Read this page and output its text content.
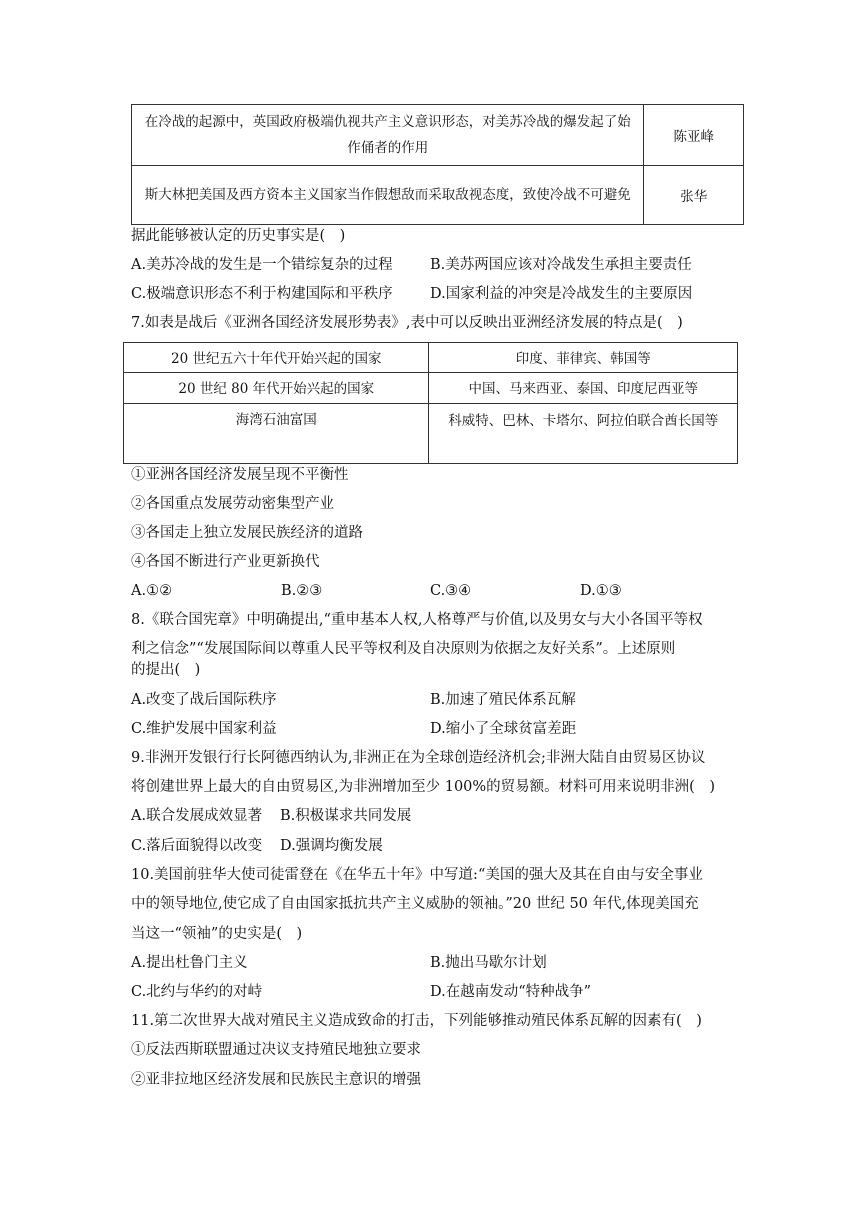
在冷战的起源中，英国政府极端仇视共产主义意识形态，对美苏冷战的爆发起了始作俑者的作用	陈亚峰

斯大林把美国及西方资本主义国家当作假想敌而采取敌视态度，致使冷战不可避免	张华
据此能够被认定的历史事实是(　)
A.美苏冷战的发生是一个错综复杂的过程	B.美苏两国应该对冷战发生承担主要责任
C.极端意识形态不利于构建国际和平秩序	D.国家利益的冲突是冷战发生的主要原因
7.如表是战后《亚洲各国经济发展形势表》,表中可以反映出亚洲经济发展的特点是(　)
20 世纪五六十年代开始兴起的国家	印度、菲律宾、韩国等
20 世纪 80 年代开始兴起的国家	中国、马来西亚、泰国、印度尼西亚等
海湾石油富国	科威特、巴林、卡塔尔、阿拉伯联合酋长国等
①亚洲各国经济发展呈现不平衡性
②各国重点发展劳动密集型产业
③各国走上独立发展民族经济的道路
④各国不断进行产业更新换代
A.①②	B.②③	C.③④	D.①③
8.《联合国宪章》中明确提出,“重申基本人权,人格尊严与价值,以及男女与大小各国平等权
利之信念”“发展国际间以尊重人民平等权利及自决原则为依据之友好关系”。上述原则
的提出(　)
A.改变了战后国际秩序	B.加速了殖民体系瓦解
C.维护发展中国家利益	D.缩小了全球贫富差距
9.非洲开发银行行长阿德西纳认为,非洲正在为全球创造经济机会;非洲大陆自由贸易区协议
将创建世界上最大的自由贸易区,为非洲增加至少 100%的贸易额。材料可用来说明非洲(　)
A.联合发展成效显著 B.积极谋求共同发展
C.落后面貌得以改变 D.强调均衡发展
10.美国前驻华大使司徒雷登在《在华五十年》中写道:“美国的强大及其在自由与安全事业
中的领导地位,使它成了自由国家抵抗共产主义威胁的领袖。”20 世纪 50 年代,体现美国充
当这一“领袖”的史实是(　)
A.提出杜鲁门主义	B.抛出马歇尔计划
C.北约与华约的对峙	D.在越南发动“特种战争”
11.第二次世界大战对殖民主义造成致命的打击，下列能够推动殖民体系瓦解的因素有(　)
①反法西斯联盟通过决议支持殖民地独立要求
②亚非拉地区经济发展和民族民主意识的增强
